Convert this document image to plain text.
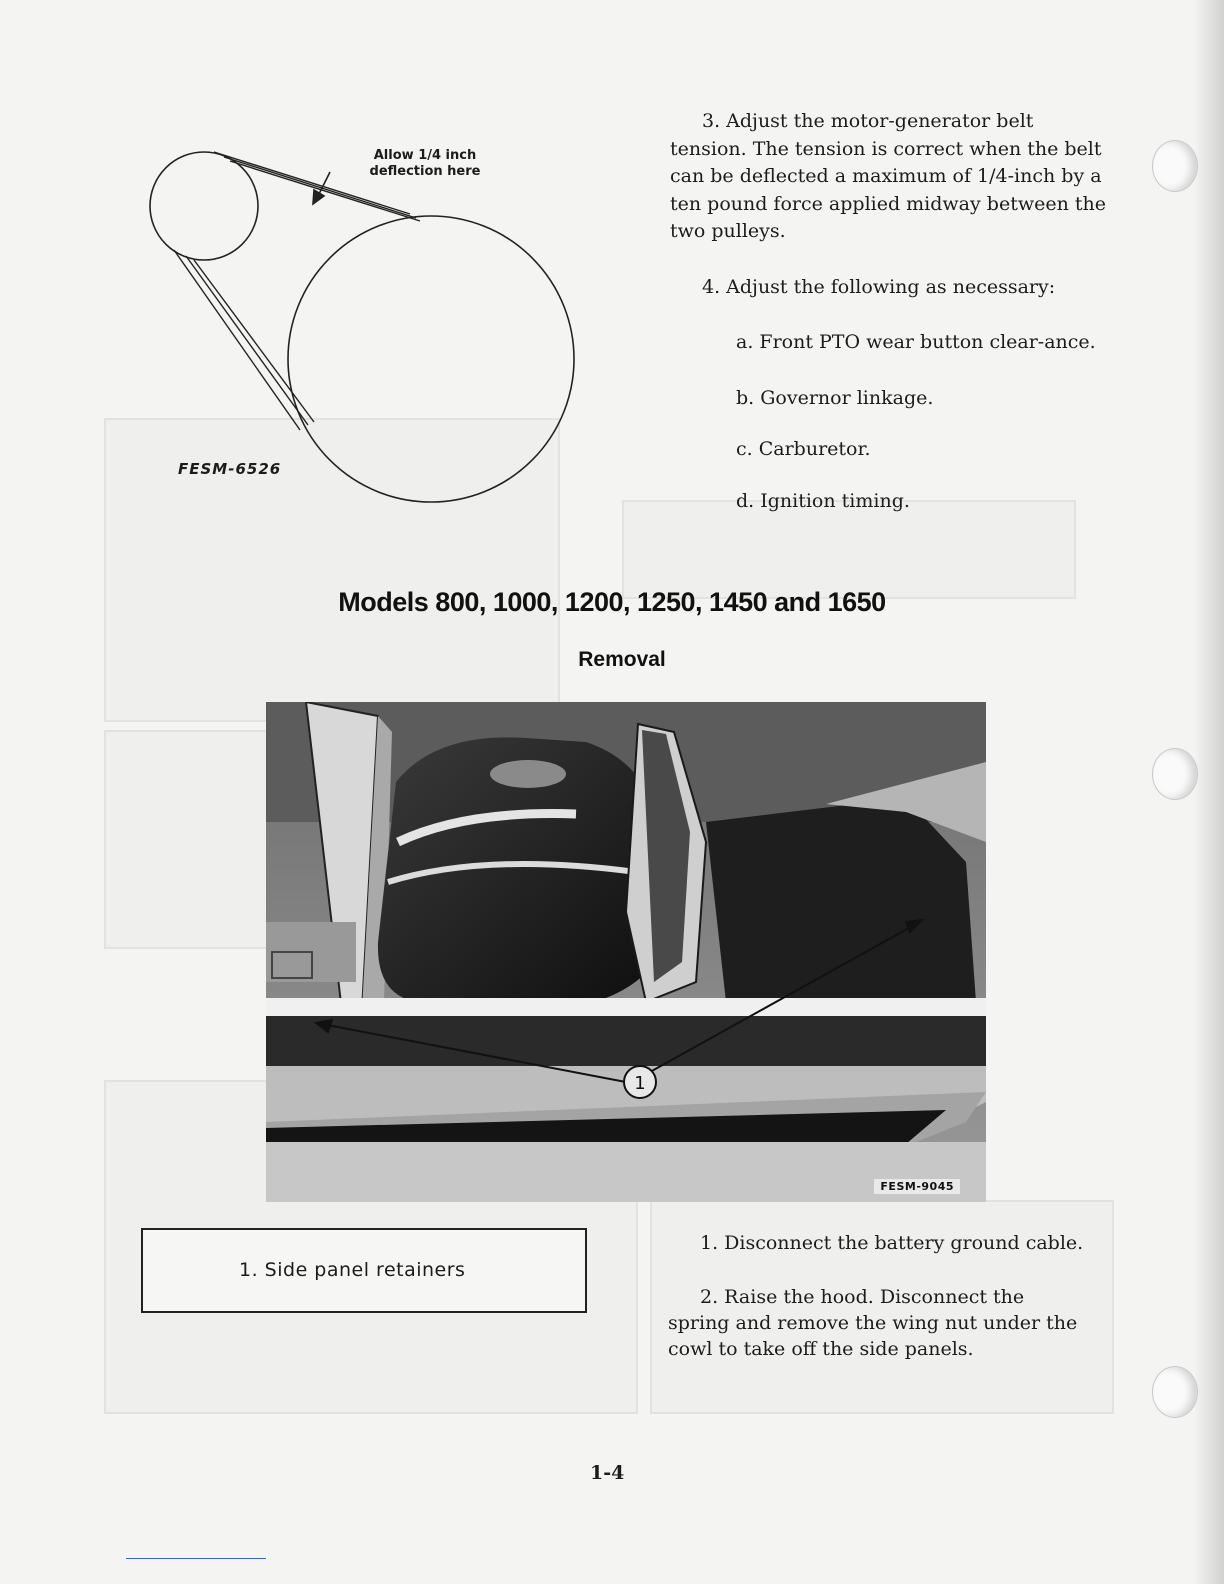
Allow 1/4 inch deflection here
FESM-6526

3. Adjust the motor-generator belt tension. The tension is correct when the belt can be deflected a maximum of 1/4-inch by a ten pound force applied midway between the two pulleys.

4. Adjust the following as necessary:

a. Front PTO wear button clear-ance.

b. Governor linkage.

c. Carburetor.

d. Ignition timing.

Models 800, 1000, 1200, 1250, 1450 and 1650
Removal
1
FESM-9045
1. Side panel retainers

1. Disconnect the battery ground cable.

2. Raise the hood. Disconnect the spring and remove the wing nut under the cowl to take off the side panels.

1-4
